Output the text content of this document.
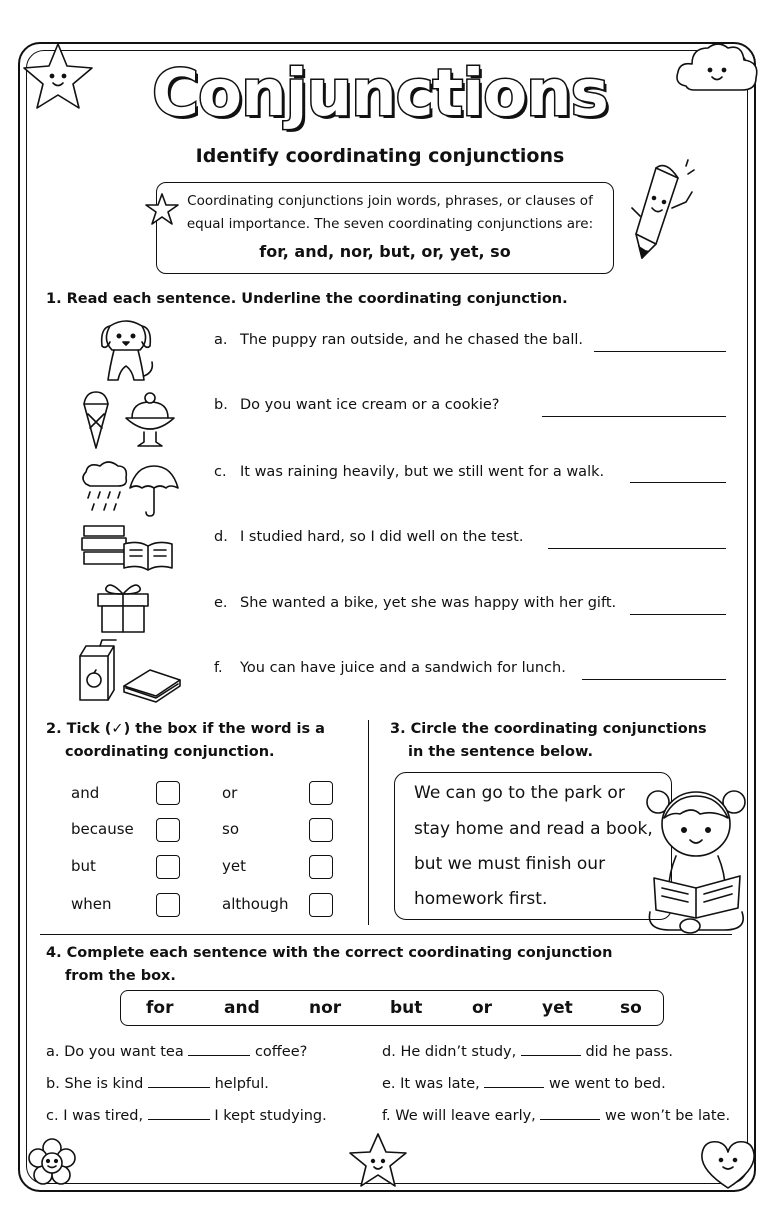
Conjunctions
Identify coordinating conjunctions
Coordinating conjunctions join words, phrases, or clauses of equal importance. The seven coordinating conjunctions are:
for, and, nor, but, or, yet, so
1. Read each sentence. Underline the coordinating conjunction.
a. The puppy ran outside, and he chased the ball.
b. Do you want ice cream or a cookie?
c. It was raining heavily, but we still went for a walk.
d. I studied hard, so I did well on the test.
e. She wanted a bike, yet she was happy with her gift.
f. You can have juice and a sandwich for lunch.
2. Tick (✓) the box if the word is a
coordinating conjunction.
and
because
but
when
or
so
yet
although
3. Circle the coordinating conjunctions
in the sentence below.
We can go to the park or
stay home and read a book,
but we must finish our
homework first.
4. Complete each sentence with the correct coordinating conjunction
from the box.
for	and	nor	but	or	yet	so
a. Do you want tea	coffee?
b. She is kind	helpful.
c. I was tired,	I kept studying.
d. He didn’t study,	did he pass.
e. It was late,	we went to bed.
f. We will leave early,	we won’t be late.
